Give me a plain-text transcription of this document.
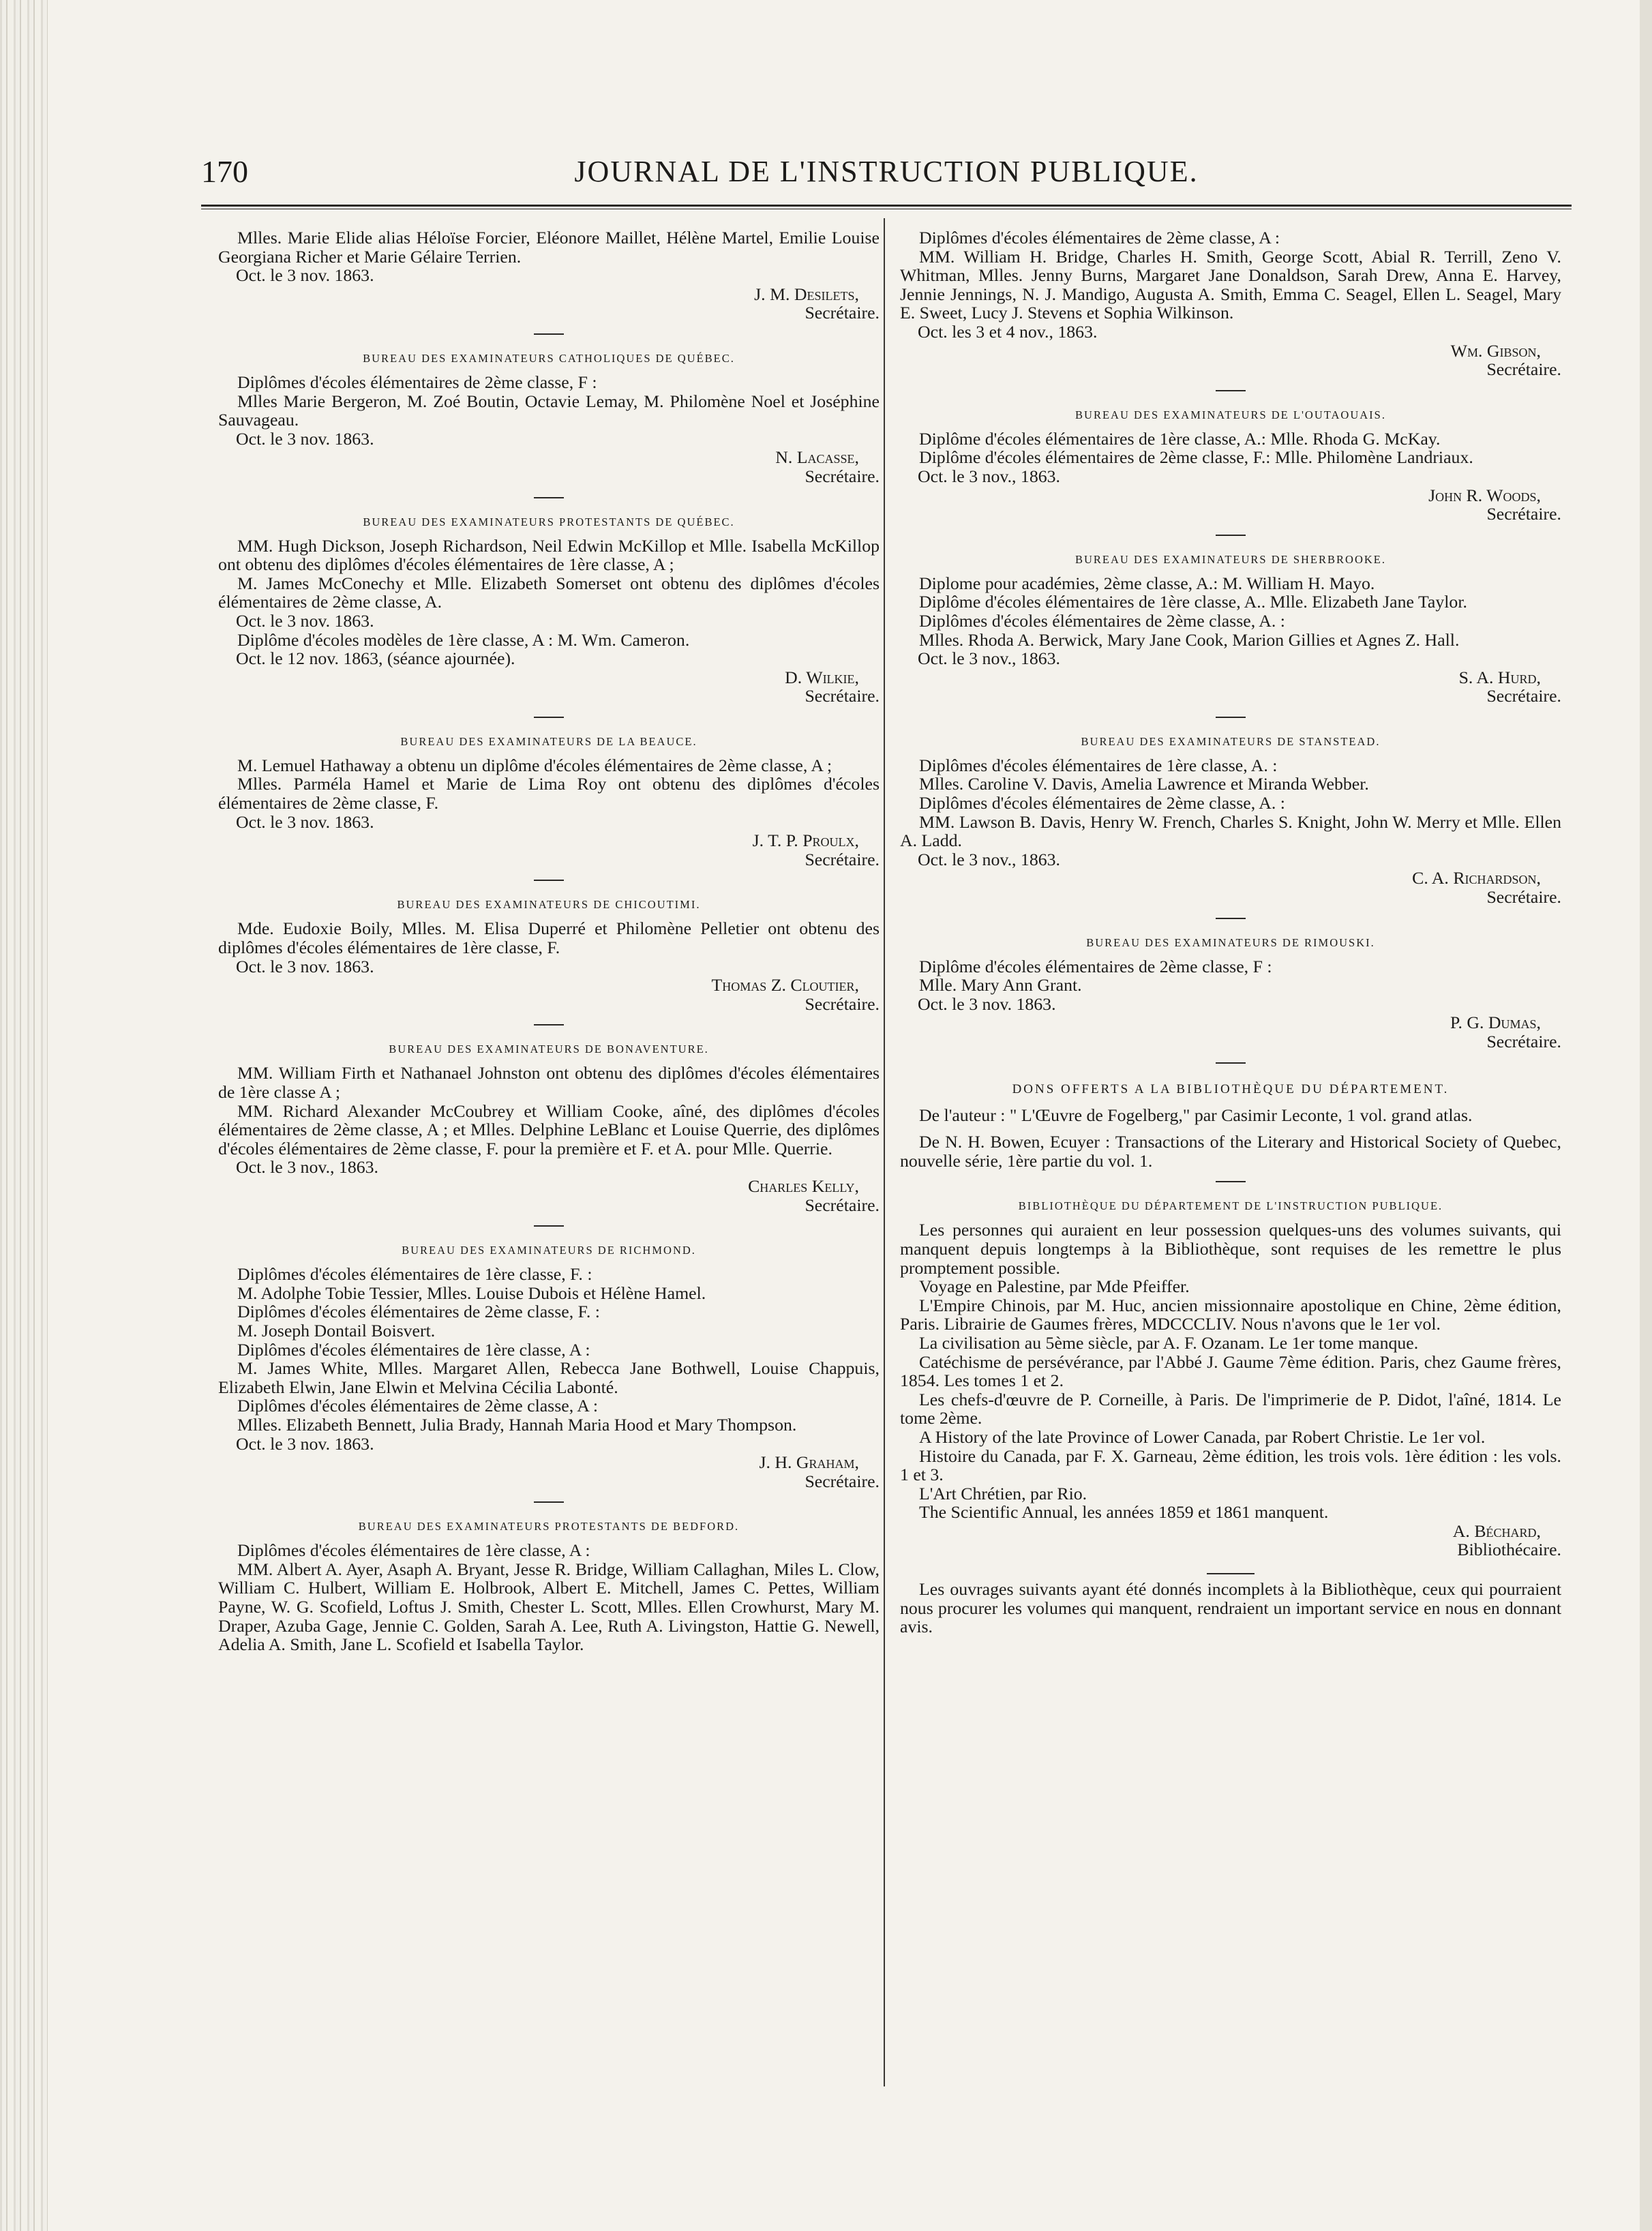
170	JOURNAL DE L'INSTRUCTION PUBLIQUE.

Mlles. Marie Elide alias Héloïse Forcier, Eléonore Maillet, Hélène Martel, Emilie Louise Georgiana Richer et Marie Gélaire Terrien.

Oct. le 3 nov. 1863.

J. M. Desilets,

Secrétaire.

BUREAU DES EXAMINATEURS CATHOLIQUES DE QUÉBEC.

Diplômes d'écoles élémentaires de 2ème classe, F :

Mlles Marie Bergeron, M. Zoé Boutin, Octavie Lemay, M. Philomène Noel et Joséphine Sauvageau.

Oct. le 3 nov. 1863.

N. Lacasse,

Secrétaire.

BUREAU DES EXAMINATEURS PROTESTANTS DE QUÉBEC.

MM. Hugh Dickson, Joseph Richardson, Neil Edwin McKillop et Mlle. Isabella McKillop ont obtenu des diplômes d'écoles élémentaires de 1ère classe, A ;

M. James McConechy et Mlle. Elizabeth Somerset ont obtenu des diplômes d'écoles élémentaires de 2ème classe, A.

Oct. le 3 nov. 1863.

Diplôme d'écoles modèles de 1ère classe, A : M. Wm. Cameron.

Oct. le 12 nov. 1863, (séance ajournée).

D. Wilkie,

Secrétaire.

BUREAU DES EXAMINATEURS DE LA BEAUCE.

M. Lemuel Hathaway a obtenu un diplôme d'écoles élémentaires de 2ème classe, A ;

Mlles. Parméla Hamel et Marie de Lima Roy ont obtenu des diplômes d'écoles élémentaires de 2ème classe, F.

Oct. le 3 nov. 1863.

J. T. P. Proulx,

Secrétaire.

BUREAU DES EXAMINATEURS DE CHICOUTIMI.

Mde. Eudoxie Boily, Mlles. M. Elisa Duperré et Philomène Pelletier ont obtenu des diplômes d'écoles élémentaires de 1ère classe, F.

Oct. le 3 nov. 1863.

Thomas Z. Cloutier,

Secrétaire.

BUREAU DES EXAMINATEURS DE BONAVENTURE.

MM. William Firth et Nathanael Johnston ont obtenu des diplômes d'écoles élémentaires de 1ère classe A ;

MM. Richard Alexander McCoubrey et William Cooke, aîné, des diplômes d'écoles élémentaires de 2ème classe, A ; et Mlles. Delphine LeBlanc et Louise Querrie, des diplômes d'écoles élémentaires de 2ème classe, F. pour la première et F. et A. pour Mlle. Querrie.

Oct. le 3 nov., 1863.

Charles Kelly,

Secrétaire.

BUREAU DES EXAMINATEURS DE RICHMOND.

Diplômes d'écoles élémentaires de 1ère classe, F. :

M. Adolphe Tobie Tessier, Mlles. Louise Dubois et Hélène Hamel.

Diplômes d'écoles élémentaires de 2ème classe, F. :

M. Joseph Dontail Boisvert.

Diplômes d'écoles élémentaires de 1ère classe, A :

M. James White, Mlles. Margaret Allen, Rebecca Jane Bothwell, Louise Chappuis, Elizabeth Elwin, Jane Elwin et Melvina Cécilia Labonté.

Diplômes d'écoles élémentaires de 2ème classe, A :

Mlles. Elizabeth Bennett, Julia Brady, Hannah Maria Hood et Mary Thompson.

Oct. le 3 nov. 1863.

J. H. Graham,

Secrétaire.

BUREAU DES EXAMINATEURS PROTESTANTS DE BEDFORD.

Diplômes d'écoles élémentaires de 1ère classe, A :

MM. Albert A. Ayer, Asaph A. Bryant, Jesse R. Bridge, William Callaghan, Miles L. Clow, William C. Hulbert, William E. Holbrook, Albert E. Mitchell, James C. Pettes, William Payne, W. G. Scofield, Loftus J. Smith, Chester L. Scott, Mlles. Ellen Crowhurst, Mary M. Draper, Azuba Gage, Jennie C. Golden, Sarah A. Lee, Ruth A. Livingston, Hattie G. Newell, Adelia A. Smith, Jane L. Scofield et Isabella Taylor.

Diplômes d'écoles élémentaires de 2ème classe, A :

MM. William H. Bridge, Charles H. Smith, George Scott, Abial R. Terrill, Zeno V. Whitman, Mlles. Jenny Burns, Margaret Jane Donaldson, Sarah Drew, Anna E. Harvey, Jennie Jennings, N. J. Mandigo, Augusta A. Smith, Emma C. Seagel, Ellen L. Seagel, Mary E. Sweet, Lucy J. Stevens et Sophia Wilkinson.

Oct. les 3 et 4 nov., 1863.

Wm. Gibson,

Secrétaire.

BUREAU DES EXAMINATEURS DE L'OUTAOUAIS.

Diplôme d'écoles élémentaires de 1ère classe, A.: Mlle. Rhoda G. McKay.

Diplôme d'écoles élémentaires de 2ème classe, F.: Mlle. Philomène Landriaux.

Oct. le 3 nov., 1863.

John R. Woods,

Secrétaire.

BUREAU DES EXAMINATEURS DE SHERBROOKE.

Diplome pour académies, 2ème classe, A.: M. William H. Mayo.

Diplôme d'écoles élémentaires de 1ère classe, A.. Mlle. Elizabeth Jane Taylor.

Diplômes d'écoles élémentaires de 2ème classe, A. :

Mlles. Rhoda A. Berwick, Mary Jane Cook, Marion Gillies et Agnes Z. Hall.

Oct. le 3 nov., 1863.

S. A. Hurd,

Secrétaire.

BUREAU DES EXAMINATEURS DE STANSTEAD.

Diplômes d'écoles élémentaires de 1ère classe, A. :

Mlles. Caroline V. Davis, Amelia Lawrence et Miranda Webber.

Diplômes d'écoles élémentaires de 2ème classe, A. :

MM. Lawson B. Davis, Henry W. French, Charles S. Knight, John W. Merry et Mlle. Ellen A. Ladd.

Oct. le 3 nov., 1863.

C. A. Richardson,

Secrétaire.

BUREAU DES EXAMINATEURS DE RIMOUSKI.

Diplôme d'écoles élémentaires de 2ème classe, F :

Mlle. Mary Ann Grant.

Oct. le 3 nov. 1863.

P. G. Dumas,

Secrétaire.

DONS OFFERTS A LA BIBLIOTHÈQUE DU DÉPARTEMENT.

De l'auteur : " L'Œuvre de Fogelberg," par Casimir Leconte, 1 vol. grand atlas.

De N. H. Bowen, Ecuyer : Transactions of the Literary and Historical Society of Quebec, nouvelle série, 1ère partie du vol. 1.

BIBLIOTHÈQUE DU DÉPARTEMENT DE L'INSTRUCTION PUBLIQUE.

Les personnes qui auraient en leur possession quelques-uns des volumes suivants, qui manquent depuis longtemps à la Bibliothèque, sont requises de les remettre le plus promptement possible.

Voyage en Palestine, par Mde Pfeiffer.

L'Empire Chinois, par M. Huc, ancien missionnaire apostolique en Chine, 2ème édition, Paris. Librairie de Gaumes frères, MDCCCLIV. Nous n'avons que le 1er vol.

La civilisation au 5ème siècle, par A. F. Ozanam. Le 1er tome manque.

Catéchisme de persévérance, par l'Abbé J. Gaume 7ème édition. Paris, chez Gaume frères, 1854. Les tomes 1 et 2.

Les chefs-d'œuvre de P. Corneille, à Paris. De l'imprimerie de P. Didot, l'aîné, 1814. Le tome 2ème.

A History of the late Province of Lower Canada, par Robert Christie. Le 1er vol.

Histoire du Canada, par F. X. Garneau, 2ème édition, les trois vols. 1ère édition : les vols. 1 et 3.

L'Art Chrétien, par Rio.

The Scientific Annual, les années 1859 et 1861 manquent.

A. Béchard,

Bibliothécaire.

Les ouvrages suivants ayant été donnés incomplets à la Bibliothèque, ceux qui pourraient nous procurer les volumes qui manquent, rendraient un important service en nous en donnant avis.
